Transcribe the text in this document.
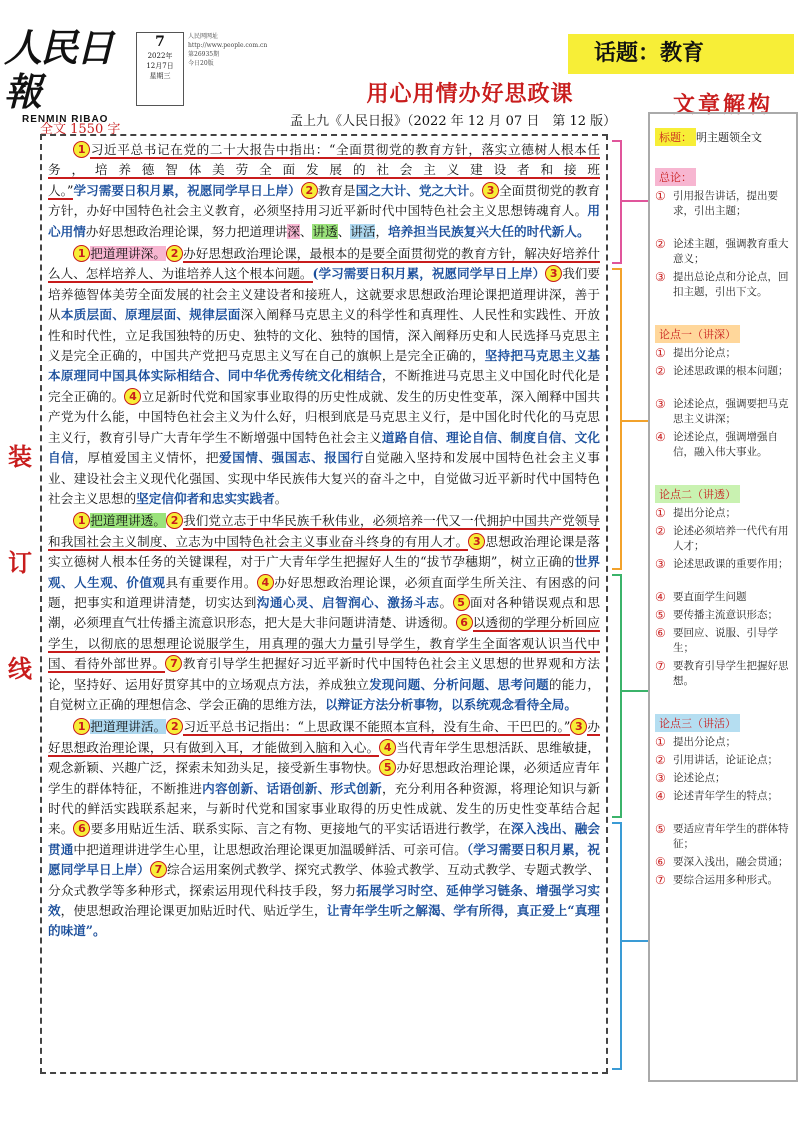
人民日報
RENMIN RIBAO
7
2022年
12月7日
星期三
人民网网址
http://www.people.com.cn
第26935期
今日20版	话题：教育
用心用情办好思政课
孟上九《人民日报》（2022 年 12 月 07 日　第 12 版）
全文 1550 字
装
订
线

1 习近平总书记在党的二十大报告中指出：“全面贯彻党的教育方针，落实立德树人根本任务，培养德智体美劳全面发展的社会主义建设者和接班人。”学习需要日积月累，祝愿同学早日上岸） 2 教育是国之大计、党之大计。 3 全面贯彻党的教育方针，办好中国特色社会主义教育，必须坚持用习近平新时代中国特色社会主义思想铸魂育人。用心用情办好思想政治理论课，努力把道理讲深、讲透、讲活，培养担当民族复兴大任的时代新人。

1 把道理讲深。 2 办好思想政治理论课，最根本的是要全面贯彻党的教育方针，解决好培养什么人、怎样培养人、为谁培养人这个根本问题。(学习需要日积月累，祝愿同学早日上岸） 3 我们要培养德智体美劳全面发展的社会主义建设者和接班人，这就要求思想政治理论课把道理讲深，善于从本质层面、原理层面、规律层面深入阐释马克思主义的科学性和真理性、人民性和实践性、开放性和时代性，立足我国独特的历史、独特的文化、独特的国情，深入阐释历史和人民选择马克思主义是完全正确的，中国共产党把马克思主义写在自己的旗帜上是完全正确的，坚持把马克思主义基本原理同中国具体实际相结合、同中华优秀传统文化相结合，不断推进马克思主义中国化时代化是完全正确的。 4 立足新时代党和国家事业取得的历史性成就、发生的历史性变革，深入阐释中国共产党为什么能，中国特色社会主义为什么好，归根到底是马克思主义行，是中国化时代化的马克思主义行，教育引导广大青年学生不断增强中国特色社会主义道路自信、理论自信、制度自信、文化自信，厚植爱国主义情怀，把爱国情、强国志、报国行自觉融入坚持和发展中国特色社会主义事业、建设社会主义现代化强国、实现中华民族伟大复兴的奋斗之中，自觉做习近平新时代中国特色社会主义思想的坚定信仰者和忠实实践者。

1 把道理讲透。 2 我们党立志于中华民族千秋伟业，必须培养一代又一代拥护中国共产党领导和我国社会主义制度、立志为中国特色社会主义事业奋斗终身的有用人才。 3 思想政治理论课是落实立德树人根本任务的关键课程，对于广大青年学生把握好人生的“拔节孕穗期”，树立正确的世界观、人生观、价值观具有重要作用。 4 办好思想政治理论课，必须直面学生所关注、有困惑的问题，把事实和道理讲清楚，切实达到沟通心灵、启智润心、激扬斗志。 5 面对各种错误观点和思潮，必须理直气壮传播主流意识形态，把大是大非问题讲清楚、讲透彻。 6 以透彻的学理分析回应学生，以彻底的思想理论说服学生，用真理的强大力量引导学生，教育学生全面客观认识当代中国、看待外部世界。 7 教育引导学生把握好习近平新时代中国特色社会主义思想的世界观和方法论，坚持好、运用好贯穿其中的立场观点方法，养成独立发现问题、分析问题、思考问题的能力，自觉树立正确的理想信念、学会正确的思维方法，以辩证方法分析事物，以系统观念看待全局。

1 把道理讲活。 2 习近平总书记指出：“上思政课不能照本宣科，没有生命、干巴巴的。” 3 办好思想政治理论课，只有做到入耳，才能做到入脑和入心。 4 当代青年学生思想活跃、思维敏捷，观念新颖、兴趣广泛，探索未知劲头足，接受新生事物快。 5 办好思想政治理论课，必须适应青年学生的群体特征，不断推进内容创新、话语创新、形式创新，充分利用各种资源，将理论知识与新时代的鲜活实践联系起来，与新时代党和国家事业取得的历史性成就、发生的历史性变革结合起来。 6 要多用贴近生活、联系实际、言之有物、更接地气的平实话语进行教学，在深入浅出、融会贯通中把道理讲进学生心里，让思想政治理论课更加温暖鲜活、可亲可信。（学习需要日积月累，祝愿同学早日上岸） 7 综合运用案例式教学、探究式教学、体验式教学、互动式教学、专题式教学、分众式教学等多种形式，探索运用现代科技手段，努力拓展学习时空、延伸学习链条、增强学习实效，使思想政治理论课更加贴近时代、贴近学生，让青年学生听之解渴、学有所得，真正爱上“真理的味道”。

文章解构
标题： 明主题领全文
总论：
① 引用报告讲话，提出要求，引出主题；
② 论述主题，强调教育重大意义；
③ 提出总论点和分论点，回扣主题，引出下文。
论点一（讲深）
① 提出分论点；
② 论述思政课的根本问题；
③ 论述论点，强调要把马克思主义讲深；
④ 论述论点，强调增强自信，融入伟大事业。
论点二（讲透）
① 提出分论点；
② 论述必须培养一代代有用人才；
③ 论述思政课的重要作用；
④ 要直面学生问题
⑤ 要传播主流意识形态；
⑥ 要回应、说服、引导学生；
⑦ 要教育引导学生把握好思想。
论点三（讲活）
① 提出分论点；
② 引用讲话，论证论点；
③ 论述论点；
④ 论述青年学生的特点；
⑤ 要适应青年学生的群体特征；
⑥ 要深入浅出，融会贯通；
⑦ 要综合运用多种形式。
